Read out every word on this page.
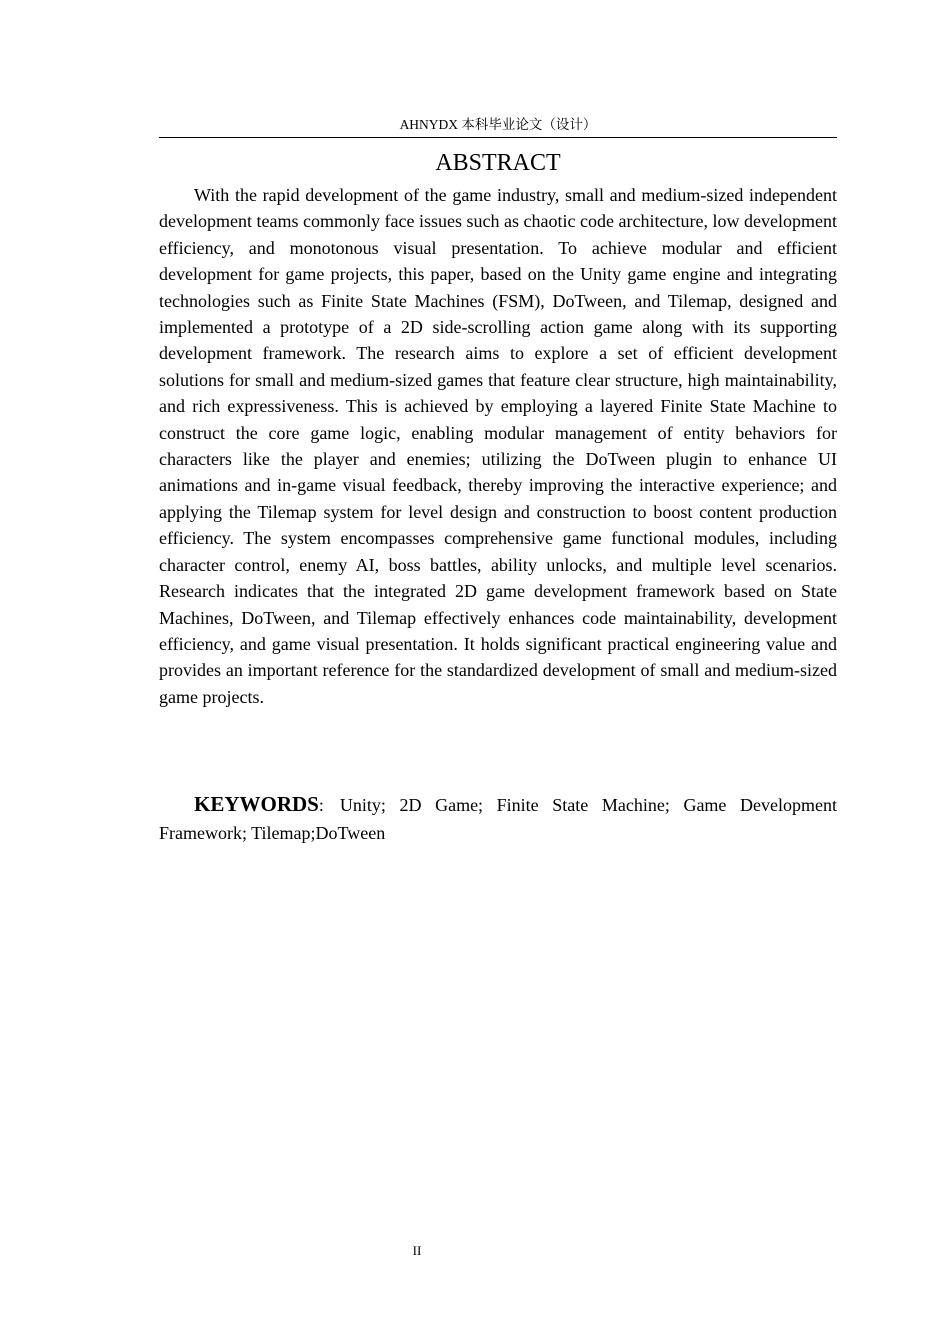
AHNYDX 本科毕业论文（设计）
ABSTRACT

With the rapid development of the game industry, small and medium-sized independent development teams commonly face issues such as chaotic code architecture, low development efficiency, and monotonous visual presentation. To achieve modular and efficient development for game projects, this paper, based on the Unity game engine and integrating technologies such as Finite State Machines (FSM), DoTween, and Tilemap, designed and implemented a prototype of a 2D side-scrolling action game along with its supporting development framework. The research aims to explore a set of efficient development solutions for small and medium-sized games that feature clear structure, high maintainability, and rich expressiveness. This is achieved by employing a layered Finite State Machine to construct the core game logic, enabling modular management of entity behaviors for characters like the player and enemies; utilizing the DoTween plugin to enhance UI animations and in-game visual feedback, thereby improving the interactive experience; and applying the Tilemap system for level design and construction to boost content production efficiency. The system encompasses comprehensive game functional modules, including character control, enemy AI, boss battles, ability unlocks, and multiple level scenarios. Research indicates that the integrated 2D game development framework based on State Machines, DoTween, and Tilemap effectively enhances code maintainability, development efficiency, and game visual presentation. It holds significant practical engineering value and provides an important reference for the standardized development of small and medium-sized game projects.

KEYWORDS: Unity; 2D Game; Finite State Machine; Game Development Framework; Tilemap;DoTween

II
